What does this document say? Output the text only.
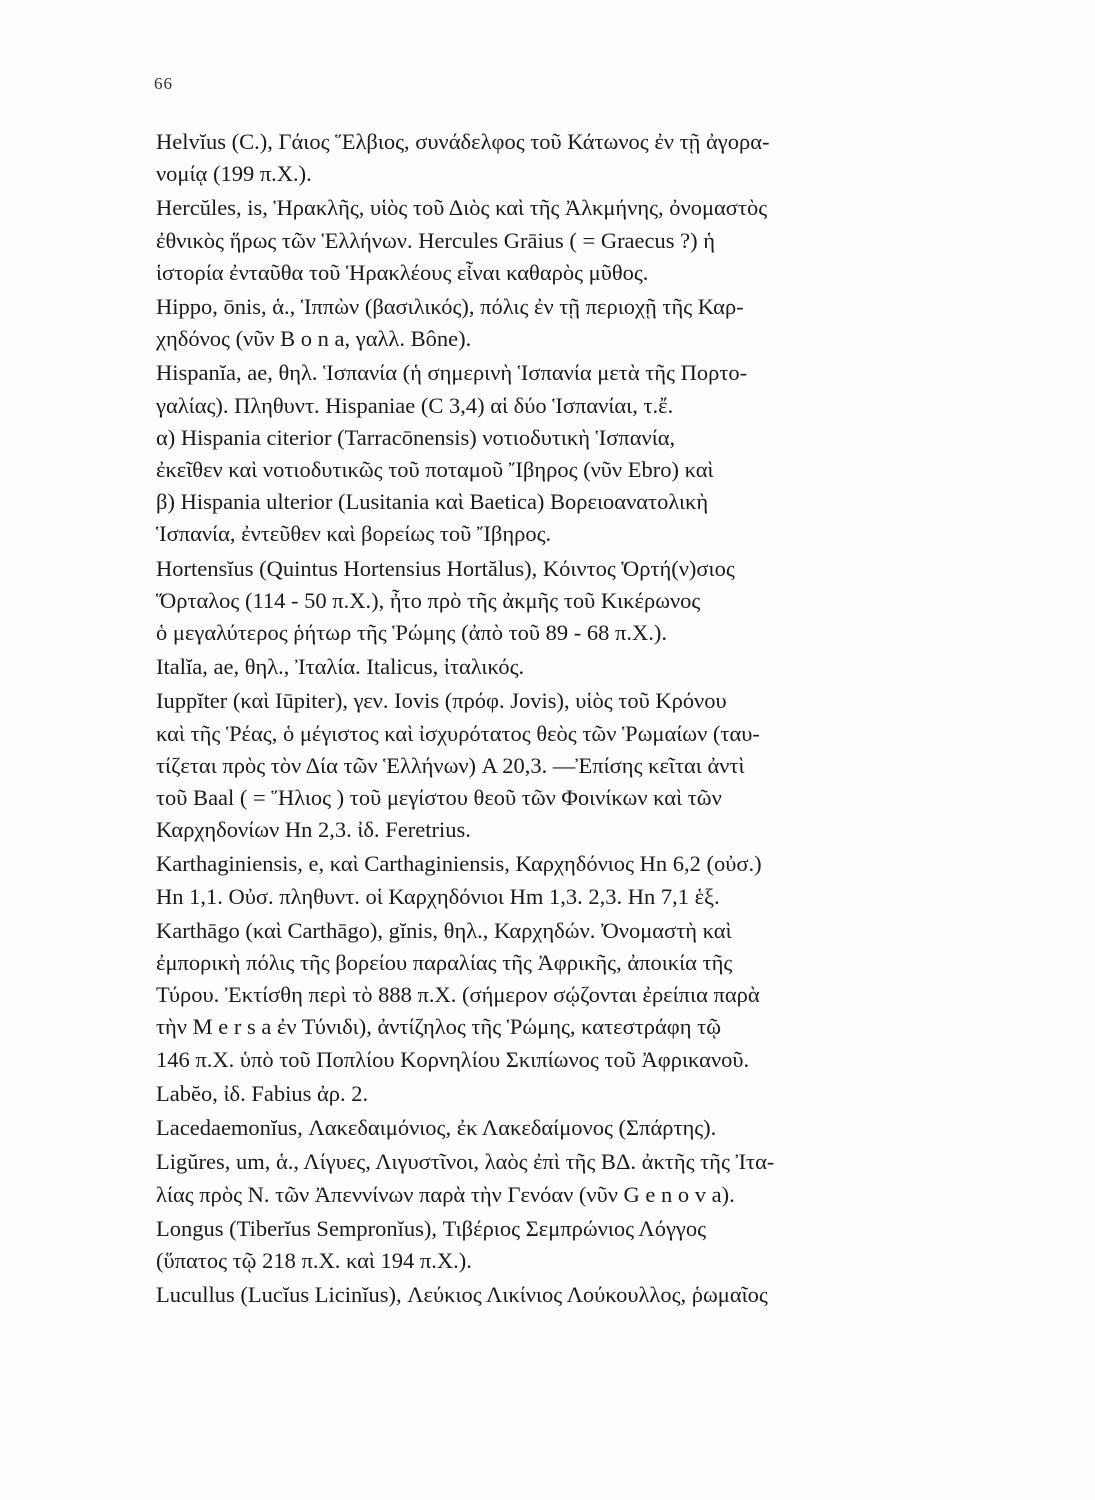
66
Helvĭus (C.), Γάιος Ἕλβιος, συνάδελφος τοῦ Κάτωνος ἐν τῇ ἀγορα-
νομίᾳ (199 π.Χ.).
Hercŭles, is, Ἡρακλῆς, υἱὸς τοῦ Διὸς καὶ τῆς Ἀλκμήνης, ὀνομαστὸς
ἐθνικὸς ἥρως τῶν Ἑλλήνων. Hercules Grāius ( = Graecus ?) ἡ
ἱστορία ἐνταῦθα τοῦ Ἡρακλέους εἶναι καθαρὸς μῦθος.
Hippo, ōnis, ἁ., Ἱππὼν (βασιλικός), πόλις ἐν τῇ περιοχῇ τῆς Καρ-
χηδόνος (νῦν B o n a, γαλλ. Bône).
Hispanĭa, ae, θηλ. Ἱσπανία (ἡ σημερινὴ Ἱσπανία μετὰ τῆς Πορτο-
γαλίας). Πληθυντ. Hispaniae (C 3,4) αἱ δύο Ἱσπανίαι, τ.ἔ.
α) Hispania citerior (Tarracōnensis) νοτιοδυτικὴ Ἱσπανία,
ἐκεῖθεν καὶ νοτιοδυτικῶς τοῦ ποταμοῦ Ἴβηρος (νῦν Ebro) καὶ
β) Hispania ulterior (Lusitania καὶ Baetica) Βορειοανατολικὴ
Ἱσπανία, ἐντεῦθεν καὶ βορείως τοῦ Ἴβηρος.
Hortensĭus (Quintus Hortensius Hortălus), Κόιντος Ὁρτή(ν)σιος
Ὅρταλος (114 - 50 π.Χ.), ἦτο πρὸ τῆς ἀκμῆς τοῦ Κικέρωνος
ὁ μεγαλύτερος ῥήτωρ τῆς Ῥώμης (ἀπὸ τοῦ 89 - 68 π.Χ.).
Italĭa, ae, θηλ., Ἰταλία. Italicus, ἰταλικός.
Iuppĭter (καὶ Iūpiter), γεν. Iovis (πρόφ. Jovis), υἱὸς τοῦ Κρόνου
καὶ τῆς Ῥέας, ὁ μέγιστος καὶ ἰσχυρότατος θεὸς τῶν Ῥωμαίων (ταυ-
τίζεται πρὸς τὸν Δία τῶν Ἑλλήνων) A 20,3. —Ἐπίσης κεῖται ἀντὶ
τοῦ Baal ( = Ἥλιος ) τοῦ μεγίστου θεοῦ τῶν Φοινίκων καὶ τῶν
Καρχηδονίων Hn 2,3. ἰδ. Feretrius.
Karthaginiensis, e, καὶ Carthaginiensis, Καρχηδόνιος Hn 6,2 (οὐσ.)
Hn 1,1. Οὐσ. πληθυντ. οἱ Καρχηδόνιοι Hm 1,3. 2,3. Hn 7,1 ἑξ.
Karthāgo (καὶ Carthāgo), gĭnis, θηλ., Καρχηδών. Ὀνομαστὴ καὶ
ἐμπορικὴ πόλις τῆς βορείου παραλίας τῆς Ἀφρικῆς, ἀποικία τῆς
Τύρου. Ἐκτίσθη περὶ τὸ 888 π.Χ. (σήμερον σῴζονται ἐρείπια παρὰ
τὴν M e r s a ἐν Τύνιδι), ἀντίζηλος τῆς Ῥώμης, κατεστράφη τῷ
146 π.Χ. ὑπὸ τοῦ Ποπλίου Κορνηλίου Σκιπίωνος τοῦ Ἀφρικανοῦ.
Labĕo, ἰδ. Fabius ἀρ. 2.
Lacedaemonĭus, Λακεδαιμόνιος, ἐκ Λακεδαίμονος (Σπάρτης).
Ligŭres, um, ἁ., Λίγυες, Λιγυστῖνοι, λαὸς ἐπὶ τῆς ΒΔ. ἀκτῆς τῆς Ἰτα-
λίας πρὸς Ν. τῶν Ἀπεννίνων παρὰ τὴν Γενόαν (νῦν G e n o v a).
Longus (Tiberĭus Sempronĭus), Τιβέριος Σεμπρώνιος Λόγγος
(ὕπατος τῷ 218 π.Χ. καὶ 194 π.Χ.).
Lucullus (Lucĭus Licinĭus), Λεύκιος Λικίνιος Λούκουλλος, ῥωμαῖος
